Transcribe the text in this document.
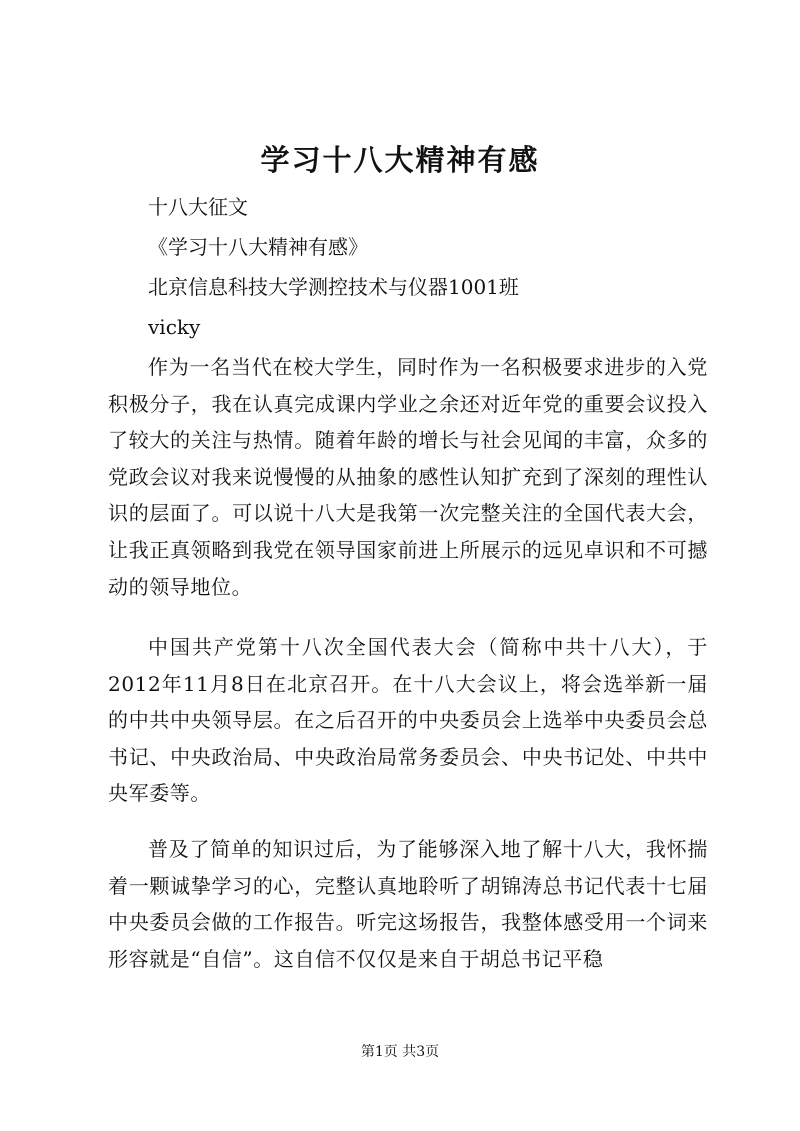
学习十八大精神有感
十八大征文
《学习十八大精神有感》
北京信息科技大学测控技术与仪器1001班
vicky

作为一名当代在校大学生，同时作为一名积极要求进步的入党积极分子，我在认真完成课内学业之余还对近年党的重要会议投入了较大的关注与热情。随着年龄的增长与社会见闻的丰富，众多的党政会议对我来说慢慢的从抽象的感性认知扩充到了深刻的理性认识的层面了。可以说十八大是我第一次完整关注的全国代表大会，让我正真领略到我党在领导国家前进上所展示的远见卓识和不可撼动的领导地位。

中国共产党第十八次全国代表大会（简称中共十八大），于2012年11月8日在北京召开。在十八大会议上，将会选举新一届的中共中央领导层。在之后召开的中央委员会上选举中央委员会总书记、中央政治局、中央政治局常务委员会、中央书记处、中共中央军委等。

普及了简单的知识过后，为了能够深入地了解十八大，我怀揣着一颗诚挚学习的心，完整认真地聆听了胡锦涛总书记代表十七届中央委员会做的工作报告。听完这场报告，我整体感受用一个词来形容就是“自信”。这自信不仅仅是来自于胡总书记平稳

第1页 共3页
